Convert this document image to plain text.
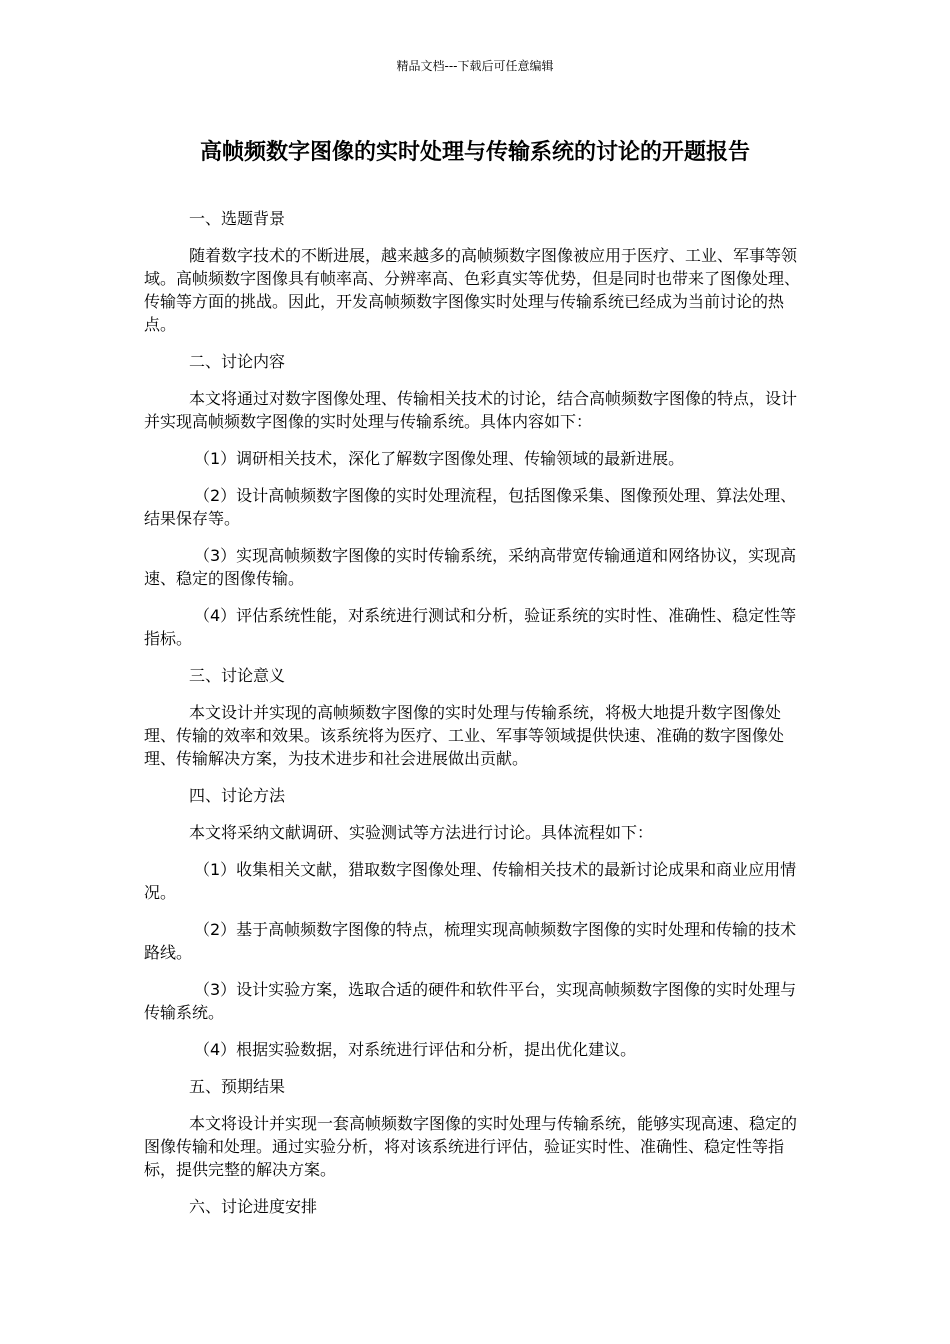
精品文档---下载后可任意编辑
高帧频数字图像的实时处理与传输系统的讨论的开题报告

一、选题背景

随着数字技术的不断进展，越来越多的高帧频数字图像被应用于医疗、工业、军事等领域。高帧频数字图像具有帧率高、分辨率高、色彩真实等优势，但是同时也带来了图像处理、传输等方面的挑战。因此，开发高帧频数字图像实时处理与传输系统已经成为当前讨论的热点。

二、讨论内容

本文将通过对数字图像处理、传输相关技术的讨论，结合高帧频数字图像的特点，设计并实现高帧频数字图像的实时处理与传输系统。具体内容如下：

（1）调研相关技术，深化了解数字图像处理、传输领域的最新进展。

（2）设计高帧频数字图像的实时处理流程，包括图像采集、图像预处理、算法处理、结果保存等。

（3）实现高帧频数字图像的实时传输系统，采纳高带宽传输通道和网络协议，实现高速、稳定的图像传输。

（4）评估系统性能，对系统进行测试和分析，验证系统的实时性、准确性、稳定性等指标。

三、讨论意义

本文设计并实现的高帧频数字图像的实时处理与传输系统，将极大地提升数字图像处理、传输的效率和效果。该系统将为医疗、工业、军事等领域提供快速、准确的数字图像处理、传输解决方案，为技术进步和社会进展做出贡献。

四、讨论方法

本文将采纳文献调研、实验测试等方法进行讨论。具体流程如下：

（1）收集相关文献，猎取数字图像处理、传输相关技术的最新讨论成果和商业应用情况。

（2）基于高帧频数字图像的特点，梳理实现高帧频数字图像的实时处理和传输的技术路线。

（3）设计实验方案，选取合适的硬件和软件平台，实现高帧频数字图像的实时处理与传输系统。

（4）根据实验数据，对系统进行评估和分析，提出优化建议。

五、预期结果

本文将设计并实现一套高帧频数字图像的实时处理与传输系统，能够实现高速、稳定的图像传输和处理。通过实验分析，将对该系统进行评估，验证实时性、准确性、稳定性等指标，提供完整的解决方案。

六、讨论进度安排
